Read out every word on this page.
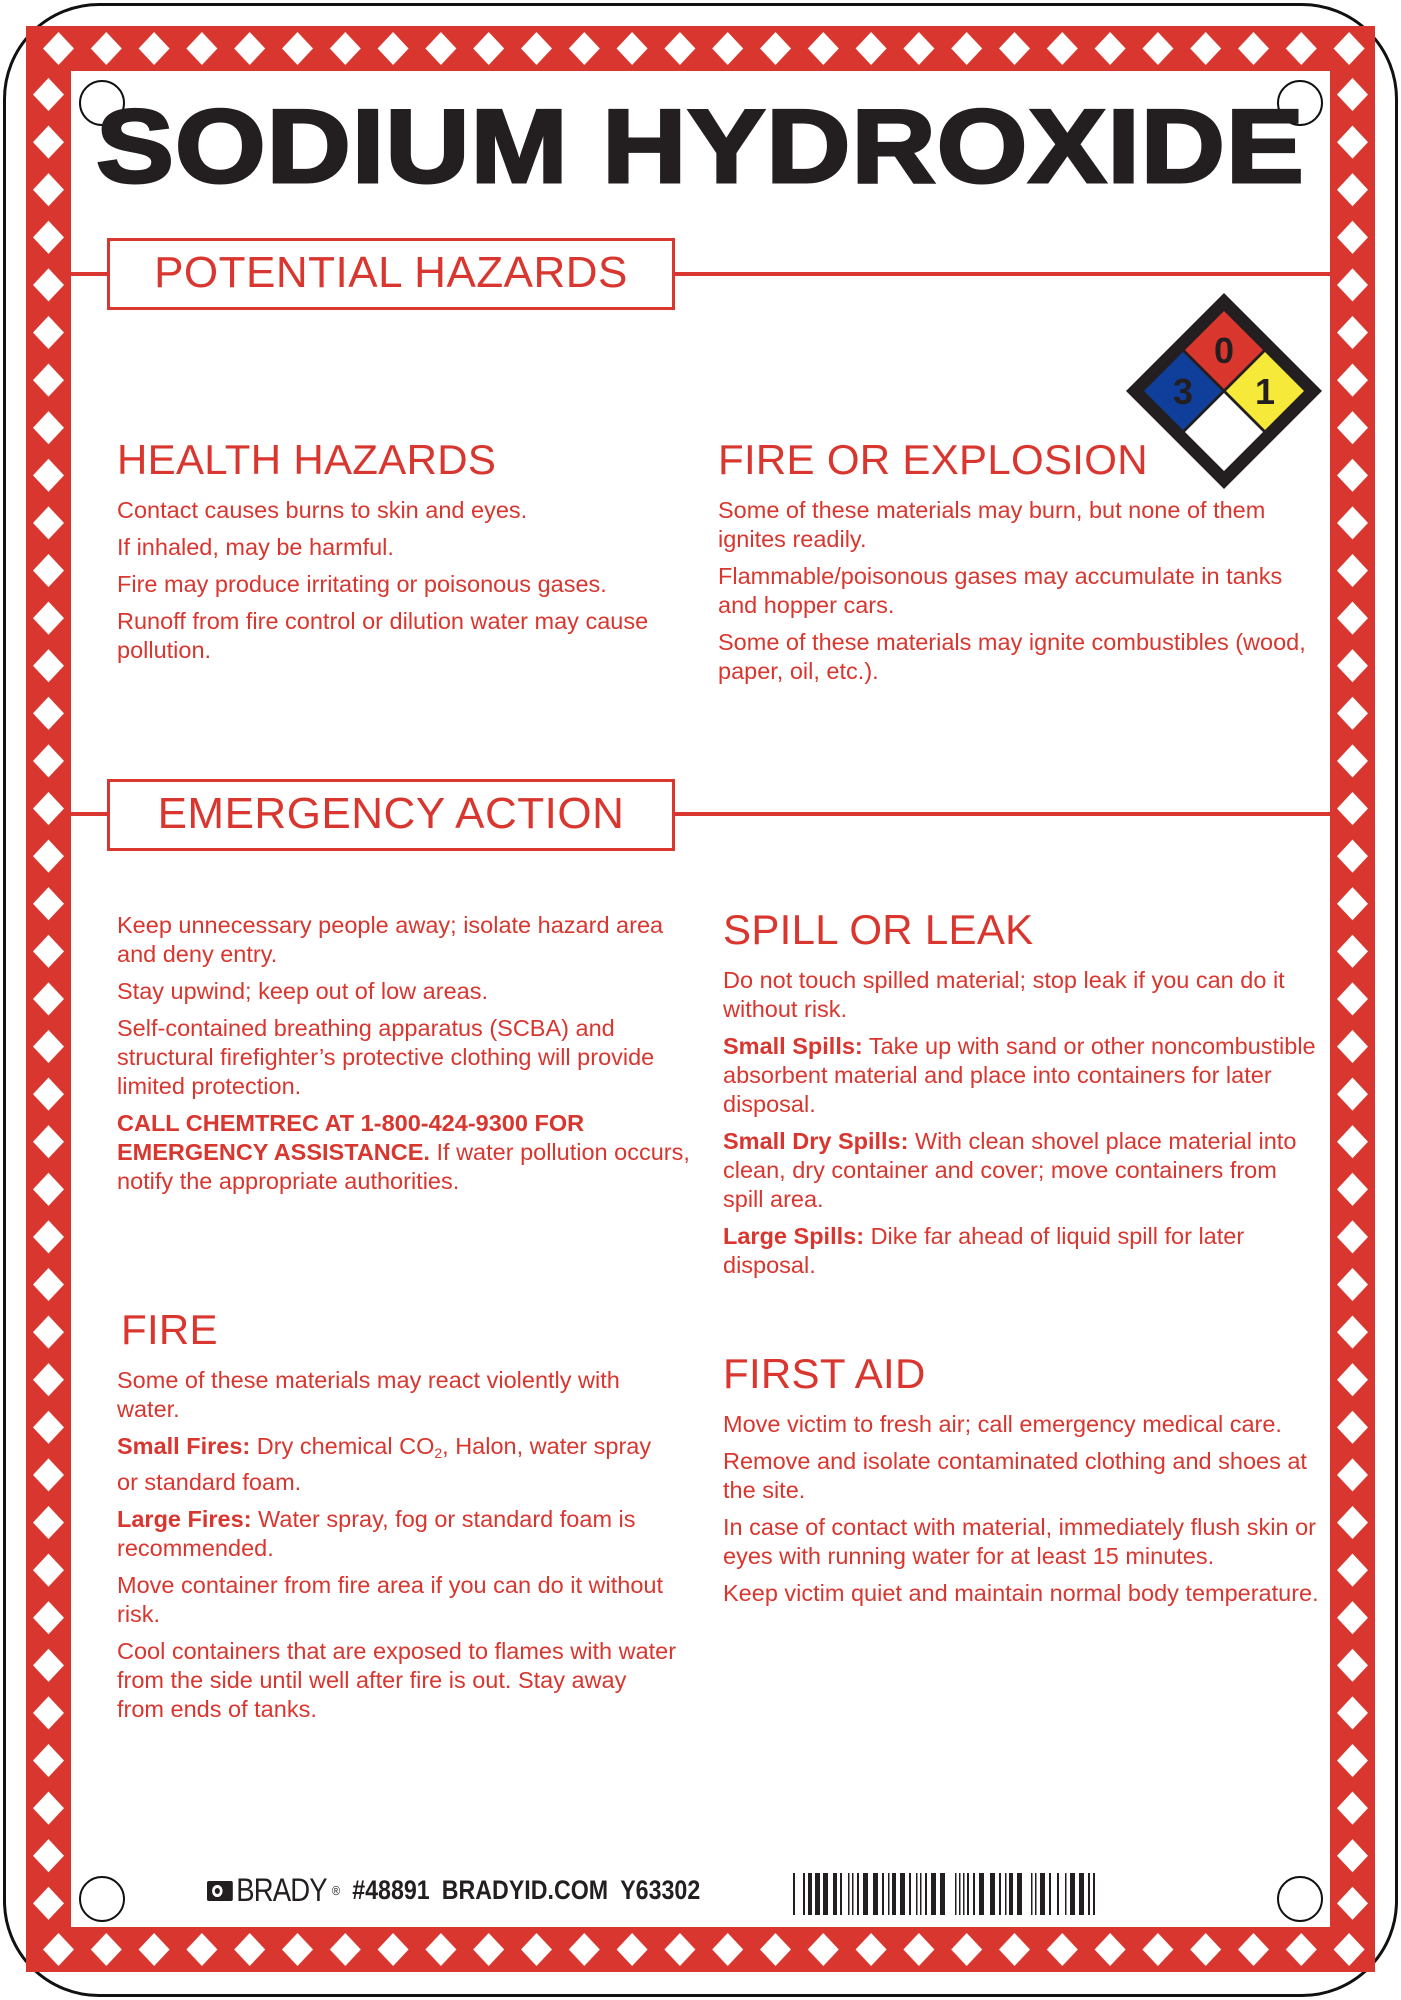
SODIUM HYDROXIDE
POTENTIAL HAZARDS
0
3 1
HEALTH HAZARDS

Contact causes burns to skin and eyes.

If inhaled, may be harmful.

Fire may produce irritating or poisonous gases.

Runoff from fire control or dilution water may cause pollution.

FIRE OR EXPLOSION

Some of these materials may burn, but none of them ignites readily.

Flammable/poisonous gases may accumulate in tanks and hopper cars.

Some of these materials may ignite combustibles (wood, paper, oil, etc.).

EMERGENCY ACTION

Keep unnecessary people away; isolate hazard area and deny entry.

Stay upwind; keep out of low areas.

Self-contained breathing apparatus (SCBA) and structural firefighter’s protective clothing will provide limited protection.

CALL CHEMTREC AT 1-800-424-9300 FOR EMERGENCY ASSISTANCE. If water pollution occurs, notify the appropriate authorities.

SPILL OR LEAK

Do not touch spilled material; stop leak if you can do it without risk.

Small Spills: Take up with sand or other noncombustible absorbent material and place into containers for later disposal.

Small Dry Spills: With clean shovel place material into clean, dry container and cover; move containers from spill area.

Large Spills: Dike far ahead of liquid spill for later disposal.

FIRE

Some of these materials may react violently with water.

Small Fires: Dry chemical $CO_2$, Halon, water spray or standard foam.

Large Fires: Water spray, fog or standard foam is recommended.

Move container from fire area if you can do it without risk.

Cool containers that are exposed to flames with water from the side until well after fire is out. Stay away from ends of tanks.

FIRST AID

Move victim to fresh air; call emergency medical care.

Remove and isolate contaminated clothing and shoes at the site.

In case of contact with material, immediately flush skin or eyes with running water for at least 15 minutes.

Keep victim quiet and maintain normal body temperature.

BRADY ® #48891 BRADYID.COM Y63302
